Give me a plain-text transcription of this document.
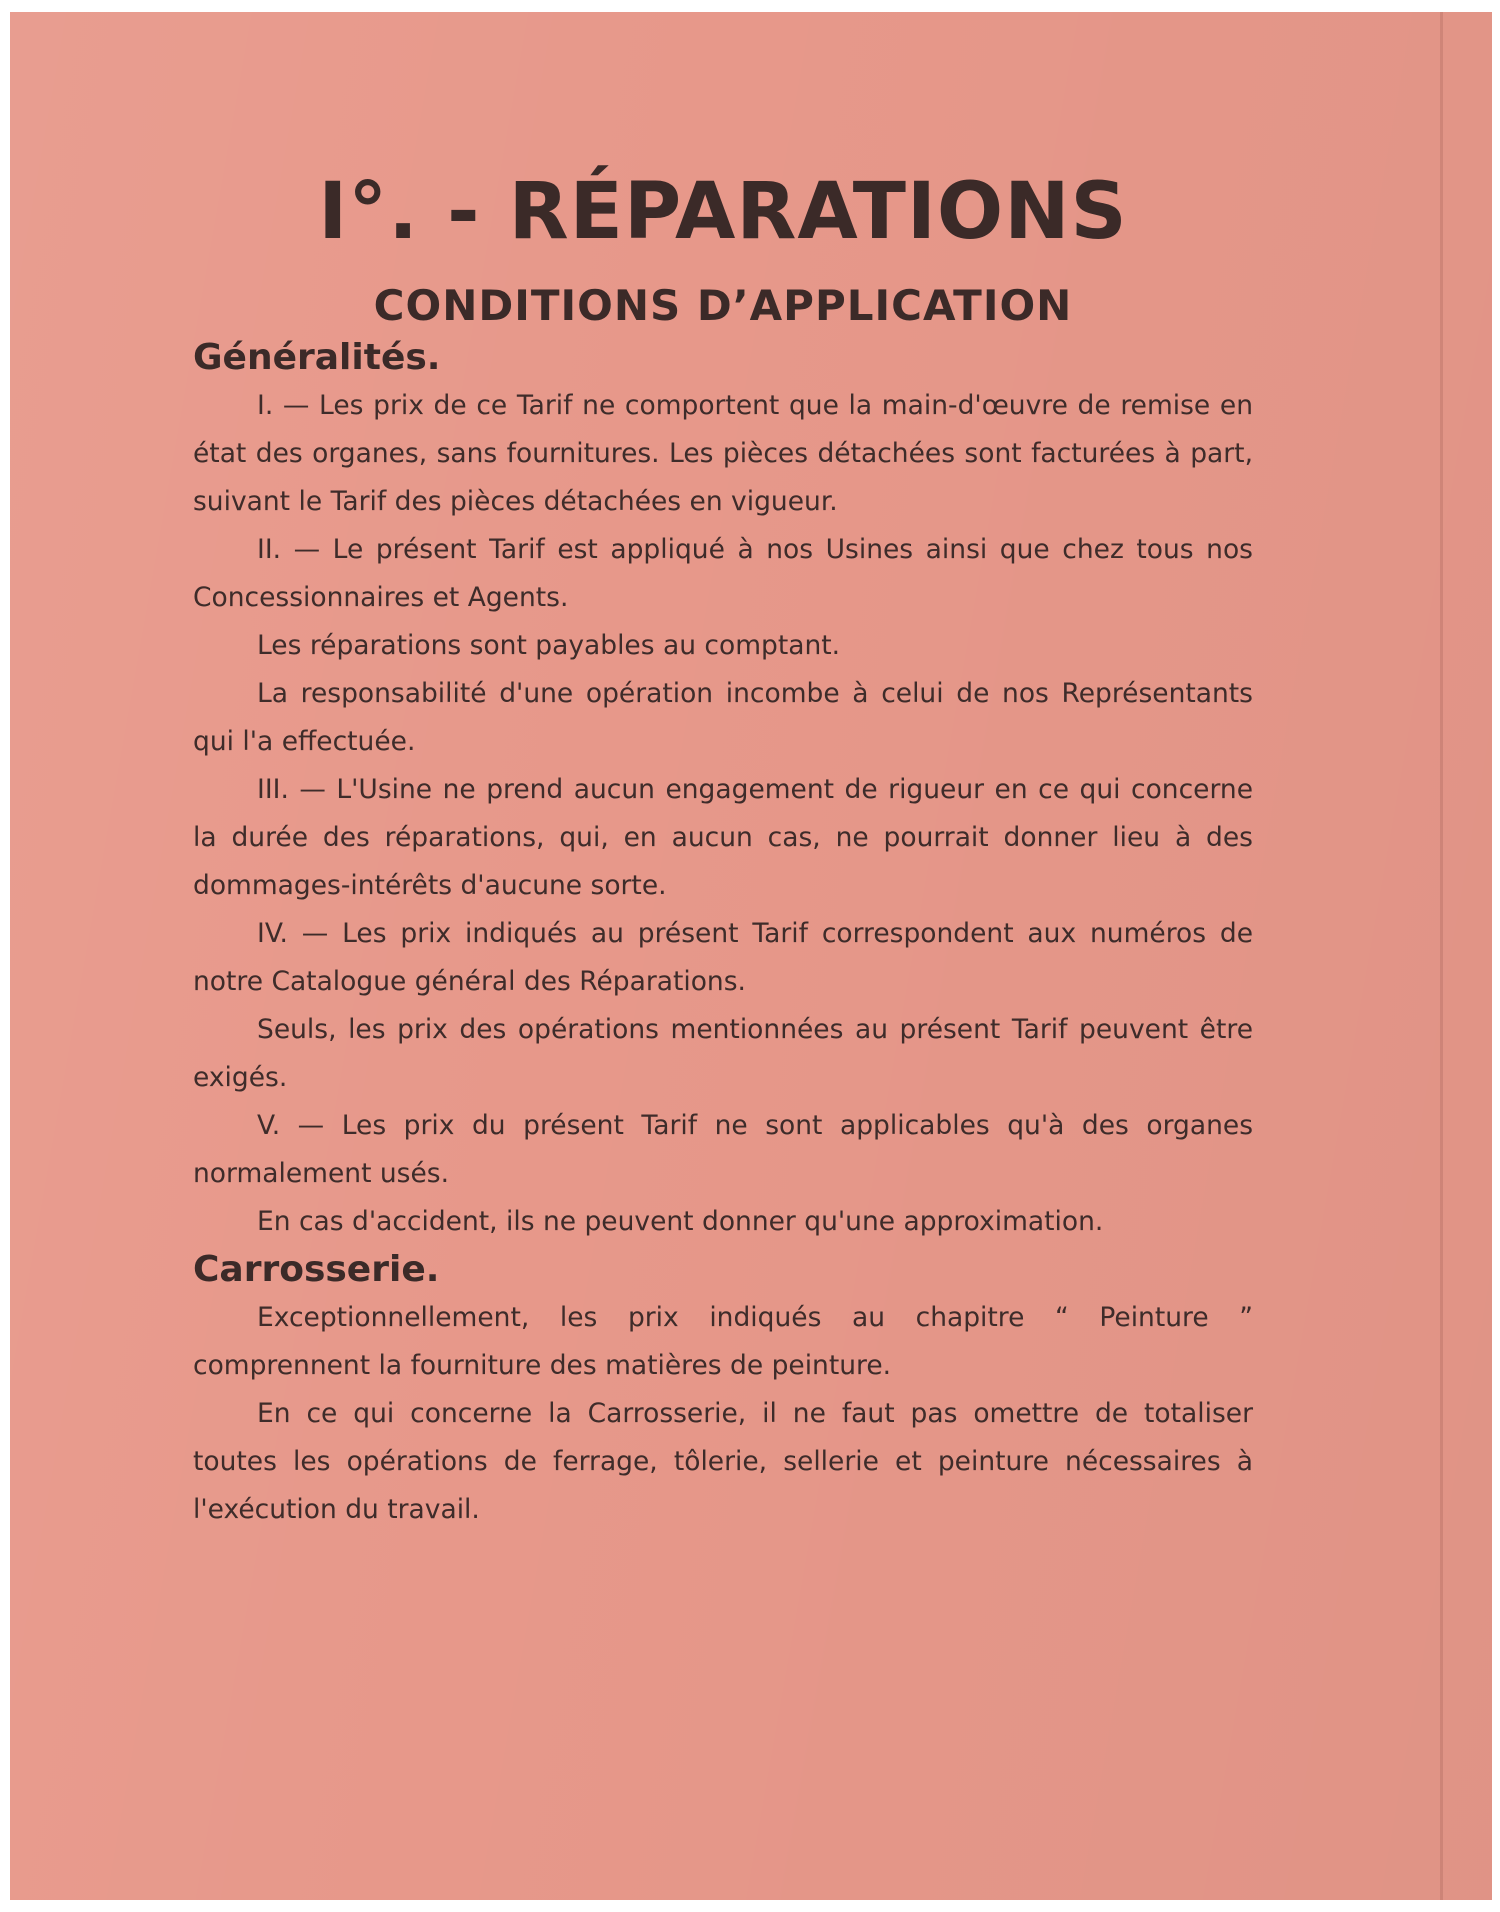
I°. - RÉPARATIONS
CONDITIONS D’APPLICATION
Généralités.

I. — Les prix de ce Tarif ne comportent que la main-d'œuvre de remise en état des organes, sans fournitures. Les pièces détachées sont facturées à part, suivant le Tarif des pièces détachées en vigueur.

II. — Le présent Tarif est appliqué à nos Usines ainsi que chez tous nos Concessionnaires et Agents.

Les réparations sont payables au comptant.

La responsabilité d'une opération incombe à celui de nos Représentants qui l'a effectuée.

III. — L'Usine ne prend aucun engagement de rigueur en ce qui concerne la durée des réparations, qui, en aucun cas, ne pourrait donner lieu à des dommages-intérêts d'aucune sorte.

IV. — Les prix indiqués au présent Tarif correspondent aux numéros de notre Catalogue général des Réparations.

Seuls, les prix des opérations mentionnées au présent Tarif peuvent être exigés.

V. — Les prix du présent Tarif ne sont applicables qu'à des organes normalement usés.

En cas d'accident, ils ne peuvent donner qu'une approximation.

Carrosserie.

Exceptionnellement, les prix indiqués au chapitre “ Peinture ” comprennent la fourniture des matières de peinture.

En ce qui concerne la Carrosserie, il ne faut pas omettre de totaliser toutes les opérations de ferrage, tôlerie, sellerie et peinture nécessaires à l'exécution du travail.
